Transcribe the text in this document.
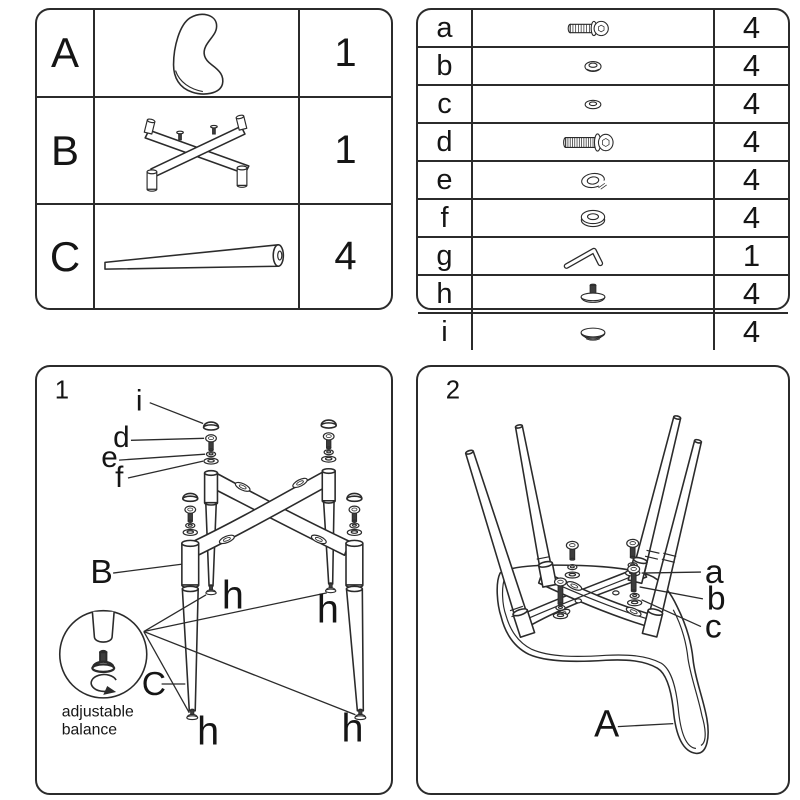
A	1
B	1
C	4
a	4
b	4
c	4
d	4
e	4
f	4
g	1
h	4
i	4
1
adjustable
balance
i
d
e
f
B
C
h h
h	h
2
a
b
c
A
